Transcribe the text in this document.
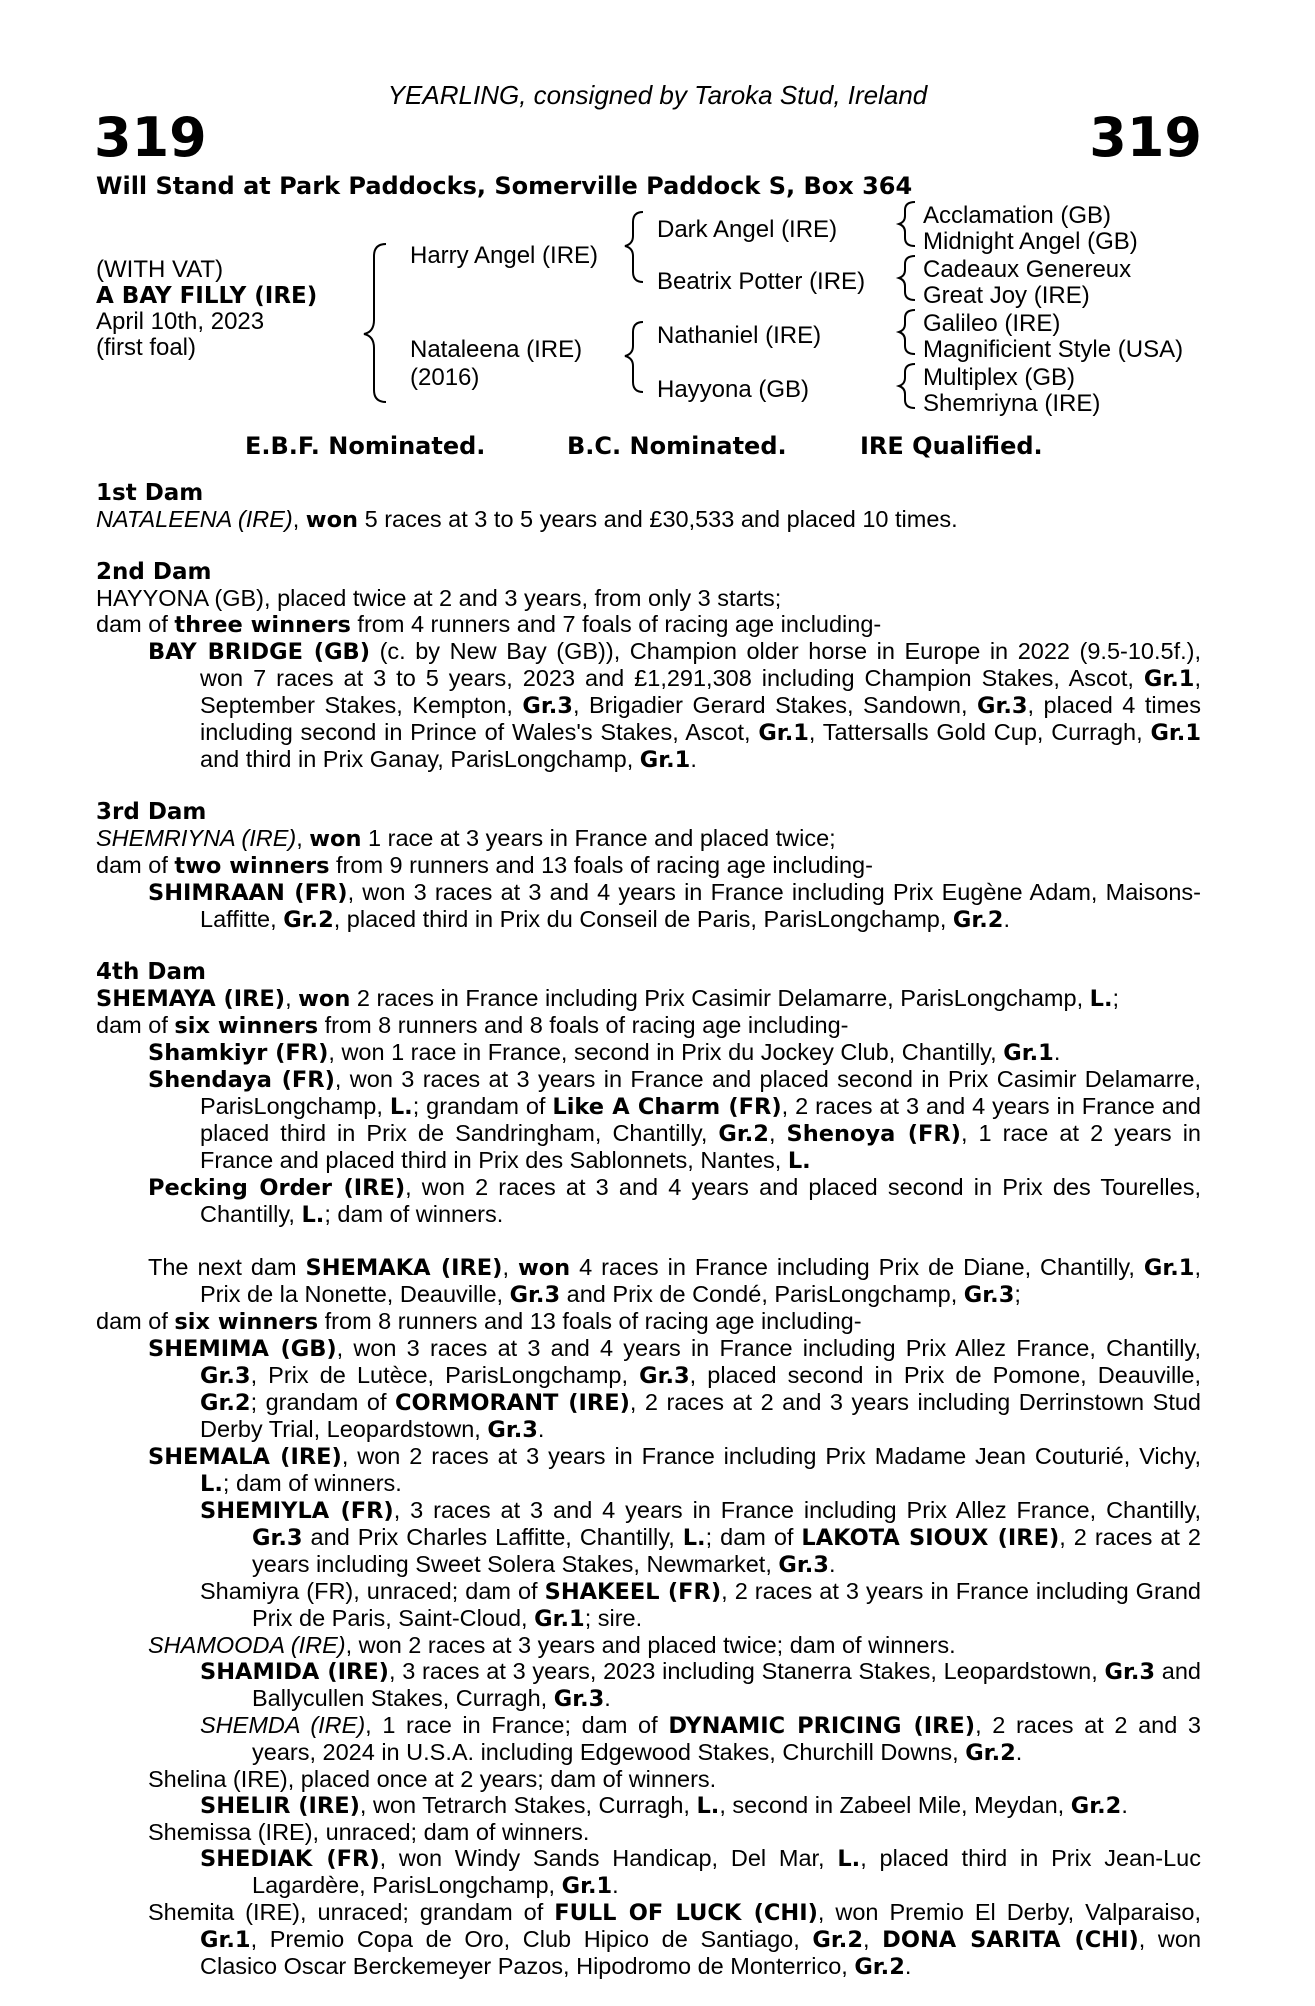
YEARLING, consigned by Taroka Stud, Ireland
319	319
Will Stand at Park Paddocks, Somerville Paddock S, Box 364
(WITH VAT)
A BAY FILLY (IRE)
April 10th, 2023
(first foal)
Harry Angel (IRE)
Nataleena (IRE)
(2016)
Dark Angel (IRE)
Beatrix Potter (IRE)
Nathaniel (IRE)
Hayyona (GB)
Acclamation (GB)
Midnight Angel (GB)
Cadeaux Genereux
Great Joy (IRE)
Galileo (IRE)
Magnificient Style (USA)
Multiplex (GB)
Shemriyna (IRE)
E.B.F. Nominated.	B.C. Nominated.	IRE Qualified.
1st Dam

NATALEENA (IRE), won 5 races at 3 to 5 years and £30,533 and placed 10 times.

2nd Dam

HAYYONA (GB), placed twice at 2 and 3 years, from only 3 starts;

dam of three winners from 4 runners and 7 foals of racing age including-

BAY BRIDGE (GB) (c. by New Bay (GB)), Champion older horse in Europe in 2022 (9.5-10.5f.), won 7 races at 3 to 5 years, 2023 and £1,291,308 including Champion Stakes, Ascot, Gr.1, September Stakes, Kempton, Gr.3, Brigadier Gerard Stakes, Sandown, Gr.3, placed 4 times including second in Prince of Wales's Stakes, Ascot, Gr.1, Tattersalls Gold Cup, Curragh, Gr.1 and third in Prix Ganay, ParisLongchamp, Gr.1.

3rd Dam

SHEMRIYNA (IRE), won 1 race at 3 years in France and placed twice;

dam of two winners from 9 runners and 13 foals of racing age including-

SHIMRAAN (FR), won 3 races at 3 and 4 years in France including Prix Eugène Adam, Maisons-Laffitte, Gr.2, placed third in Prix du Conseil de Paris, ParisLongchamp, Gr.2.

4th Dam

SHEMAYA (IRE), won 2 races in France including Prix Casimir Delamarre, ParisLongchamp, L.;

dam of six winners from 8 runners and 8 foals of racing age including-

Shamkiyr (FR), won 1 race in France, second in Prix du Jockey Club, Chantilly, Gr.1.

Shendaya (FR), won 3 races at 3 years in France and placed second in Prix Casimir Delamarre, ParisLongchamp, L.; grandam of Like A Charm (FR), 2 races at 3 and 4 years in France and placed third in Prix de Sandringham, Chantilly, Gr.2, Shenoya (FR), 1 race at 2 years in France and placed third in Prix des Sablonnets, Nantes, L.

Pecking Order (IRE), won 2 races at 3 and 4 years and placed second in Prix des Tourelles, Chantilly, L.; dam of winners.

The next dam SHEMAKA (IRE), won 4 races in France including Prix de Diane, Chantilly, Gr.1, Prix de la Nonette, Deauville, Gr.3 and Prix de Condé, ParisLongchamp, Gr.3;

dam of six winners from 8 runners and 13 foals of racing age including-

SHEMIMA (GB), won 3 races at 3 and 4 years in France including Prix Allez France, Chantilly, Gr.3, Prix de Lutèce, ParisLongchamp, Gr.3, placed second in Prix de Pomone, Deauville, Gr.2; grandam of CORMORANT (IRE), 2 races at 2 and 3 years including Derrinstown Stud Derby Trial, Leopardstown, Gr.3.

SHEMALA (IRE), won 2 races at 3 years in France including Prix Madame Jean Couturié, Vichy, L.; dam of winners.

SHEMIYLA (FR), 3 races at 3 and 4 years in France including Prix Allez France, Chantilly, Gr.3 and Prix Charles Laffitte, Chantilly, L.; dam of LAKOTA SIOUX (IRE), 2 races at 2 years including Sweet Solera Stakes, Newmarket, Gr.3.

Shamiyra (FR), unraced; dam of SHAKEEL (FR), 2 races at 3 years in France including Grand Prix de Paris, Saint-Cloud, Gr.1; sire.

SHAMOODA (IRE), won 2 races at 3 years and placed twice; dam of winners.

SHAMIDA (IRE), 3 races at 3 years, 2023 including Stanerra Stakes, Leopardstown, Gr.3 and Ballycullen Stakes, Curragh, Gr.3.

SHEMDA (IRE), 1 race in France; dam of DYNAMIC PRICING (IRE), 2 races at 2 and 3 years, 2024 in U.S.A. including Edgewood Stakes, Churchill Downs, Gr.2.

Shelina (IRE), placed once at 2 years; dam of winners.

SHELIR (IRE), won Tetrarch Stakes, Curragh, L., second in Zabeel Mile, Meydan, Gr.2.

Shemissa (IRE), unraced; dam of winners.

SHEDIAK (FR), won Windy Sands Handicap, Del Mar, L., placed third in Prix Jean-Luc Lagardère, ParisLongchamp, Gr.1.

Shemita (IRE), unraced; grandam of FULL OF LUCK (CHI), won Premio El Derby, Valparaiso, Gr.1, Premio Copa de Oro, Club Hipico de Santiago, Gr.2, DONA SARITA (CHI), won Clasico Oscar Berckemeyer Pazos, Hipodromo de Monterrico, Gr.2.
